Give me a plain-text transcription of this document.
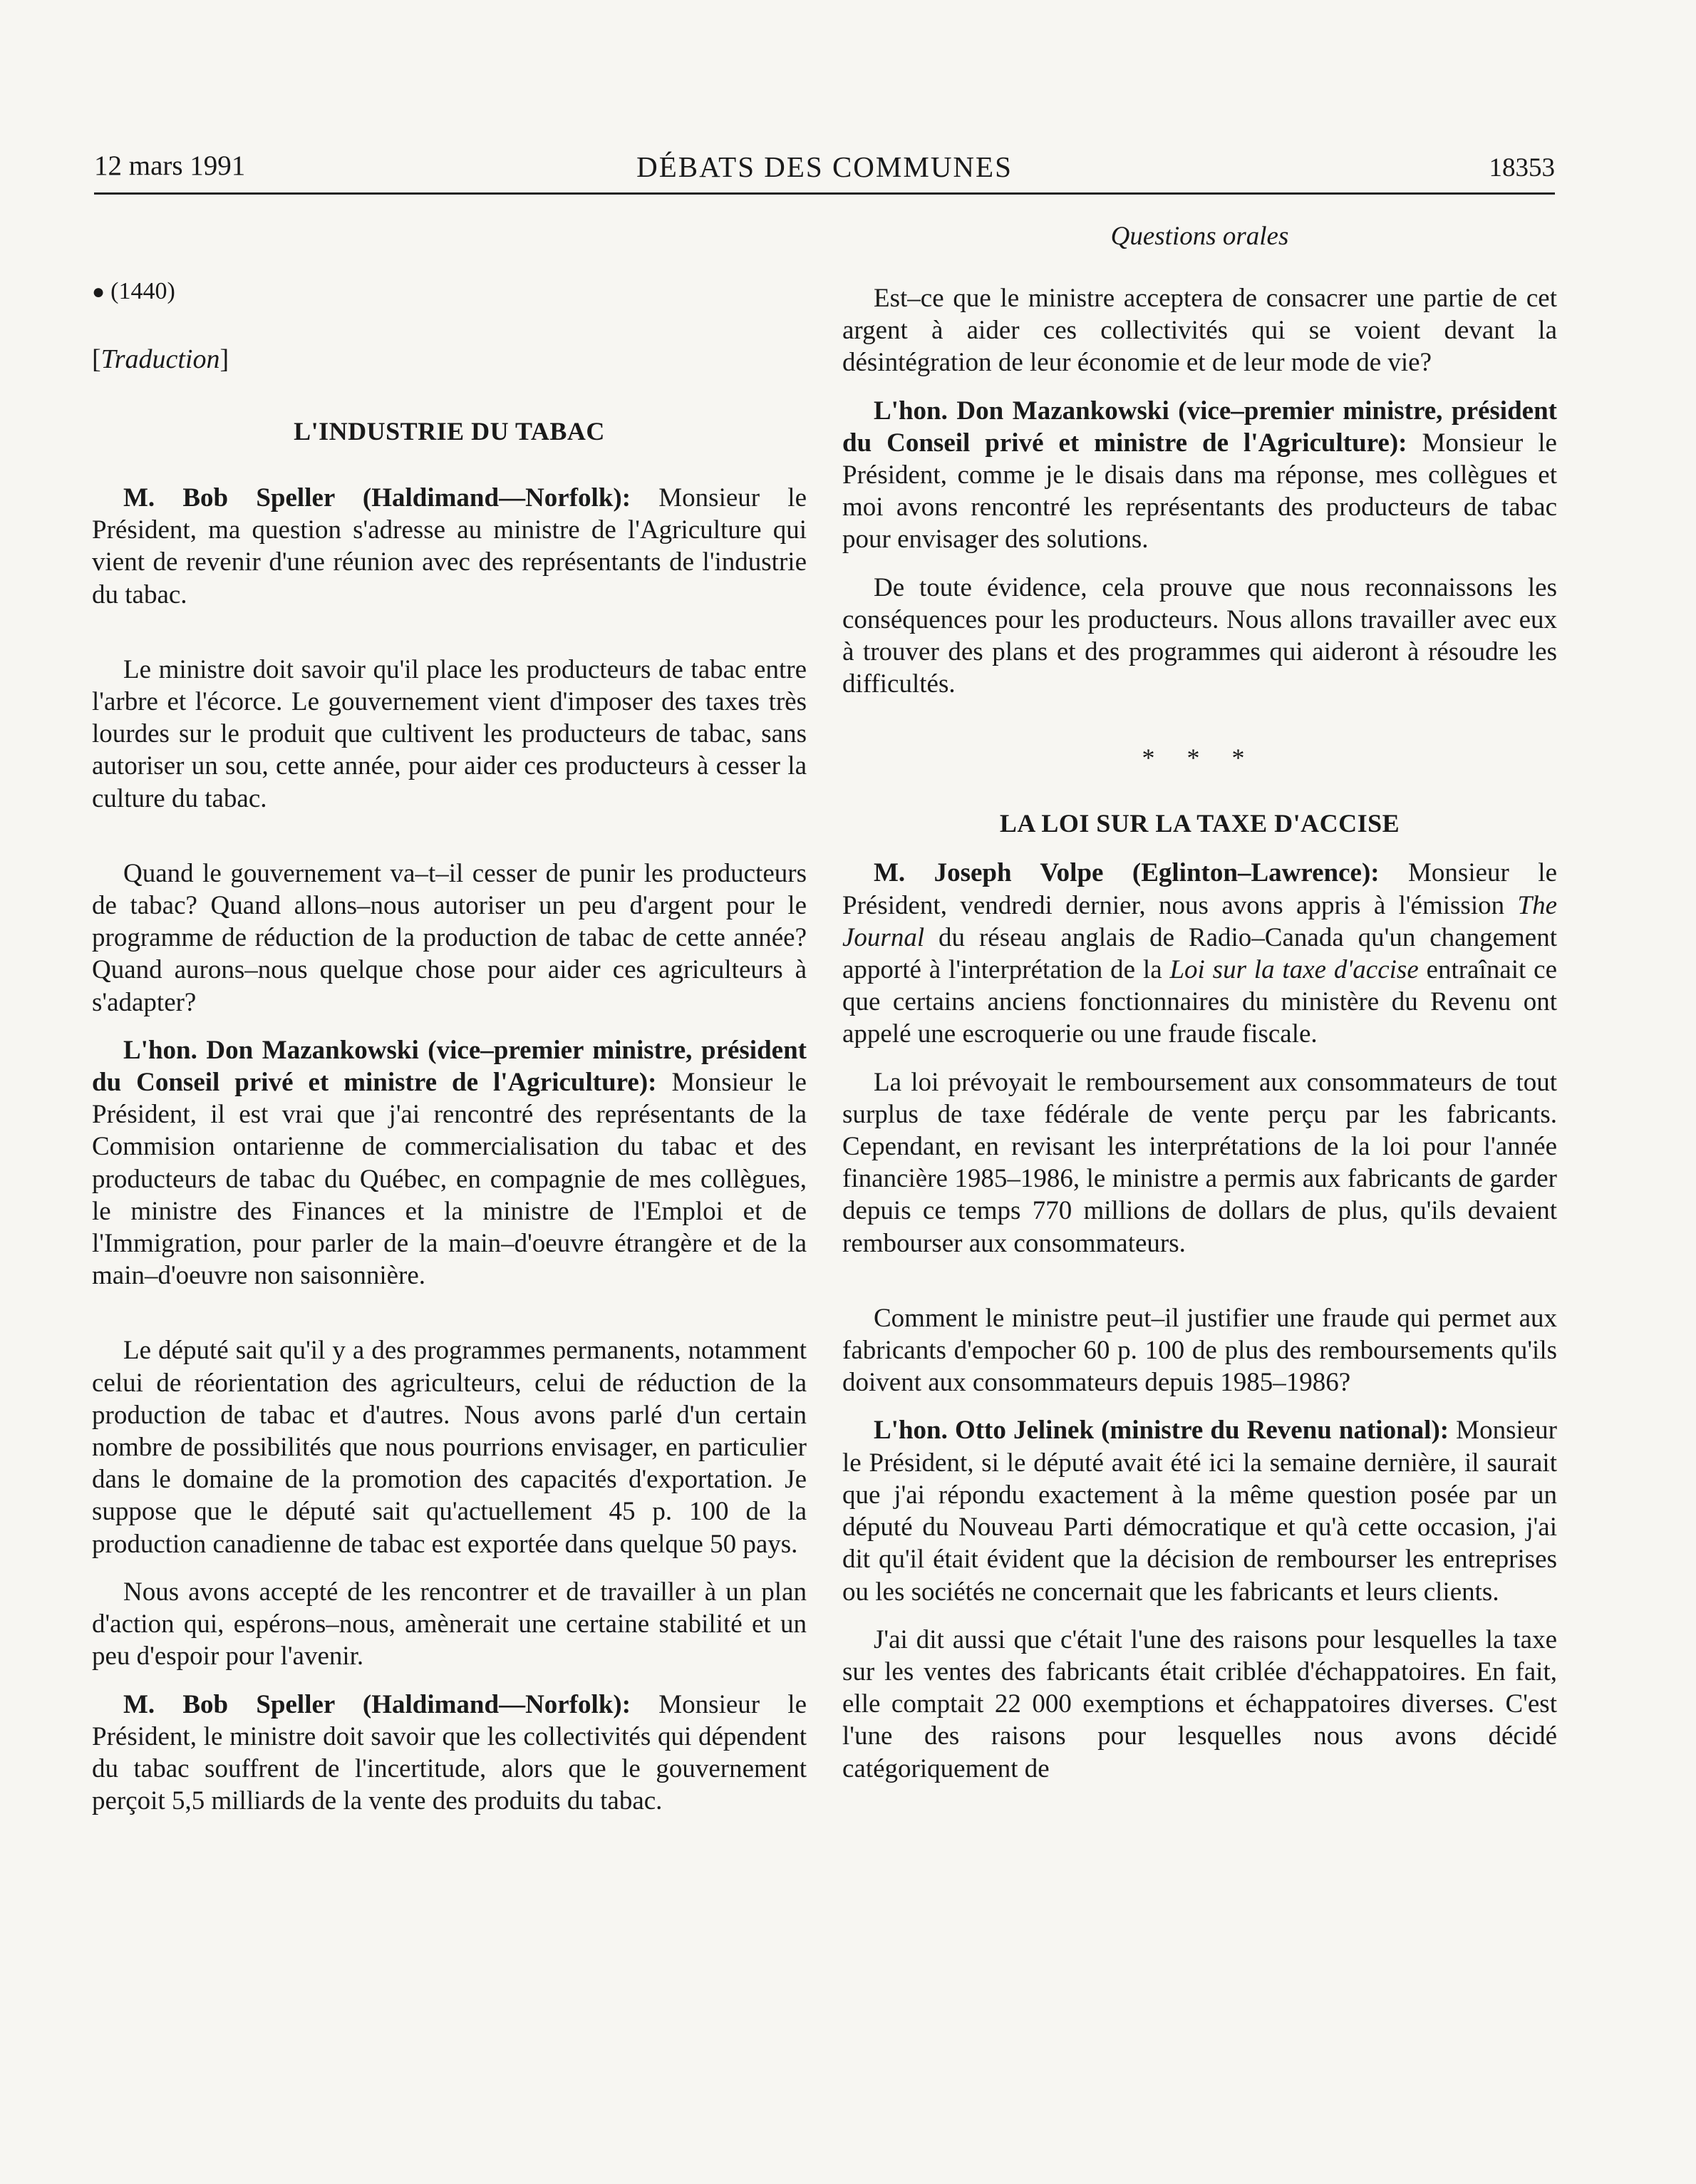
12 mars 1991	DÉBATS DES COMMUNES	18353
● (1440)
[Traduction]
L'INDUSTRIE DU TABAC

M. Bob Speller (Haldimand—Norfolk): Monsieur le Président, ma question s'adresse au ministre de l'Agriculture qui vient de revenir d'une réunion avec des représentants de l'industrie du tabac.

Le ministre doit savoir qu'il place les producteurs de tabac entre l'arbre et l'écorce. Le gouvernement vient d'imposer des taxes très lourdes sur le produit que cultivent les producteurs de tabac, sans autoriser un sou, cette année, pour aider ces producteurs à cesser la culture du tabac.

Quand le gouvernement va–t–il cesser de punir les producteurs de tabac? Quand allons–nous autoriser un peu d'argent pour le programme de réduction de la production de tabac de cette année? Quand aurons–nous quelque chose pour aider ces agriculteurs à s'adapter?

L'hon. Don Mazankowski (vice–premier ministre, président du Conseil privé et ministre de l'Agriculture): Monsieur le Président, il est vrai que j'ai rencontré des représentants de la Commision ontarienne de commercialisation du tabac et des producteurs de tabac du Québec, en compagnie de mes collègues, le ministre des Finances et la ministre de l'Emploi et de l'Immigration, pour parler de la main–d'oeuvre étrangère et de la main–d'oeuvre non saisonnière.

Le député sait qu'il y a des programmes permanents, notamment celui de réorientation des agriculteurs, celui de réduction de la production de tabac et d'autres. Nous avons parlé d'un certain nombre de possibilités que nous pourrions envisager, en particulier dans le domaine de la promotion des capacités d'exportation. Je suppose que le député sait qu'actuellement 45 p. 100 de la production canadienne de tabac est exportée dans quelque 50 pays.

Nous avons accepté de les rencontrer et de travailler à un plan d'action qui, espérons–nous, amènerait une certaine stabilité et un peu d'espoir pour l'avenir.

M. Bob Speller (Haldimand—Norfolk): Monsieur le Président, le ministre doit savoir que les collectivités qui dépendent du tabac souffrent de l'incertitude, alors que le gouvernement perçoit 5,5 milliards de la vente des produits du tabac.

Questions orales

Est–ce que le ministre acceptera de consacrer une partie de cet argent à aider ces collectivités qui se voient devant la désintégration de leur économie et de leur mode de vie?

L'hon. Don Mazankowski (vice–premier ministre, président du Conseil privé et ministre de l'Agriculture): Monsieur le Président, comme je le disais dans ma réponse, mes collègues et moi avons rencontré les représentants des producteurs de tabac pour envisager des solutions.

De toute évidence, cela prouve que nous reconnaissons les conséquences pour les producteurs. Nous allons travailler avec eux à trouver des plans et des programmes qui aideront à résoudre les difficultés.

* * *
LA LOI SUR LA TAXE D'ACCISE

M. Joseph Volpe (Eglinton–Lawrence): Monsieur le Président, vendredi dernier, nous avons appris à l'émission The Journal du réseau anglais de Radio–Canada qu'un changement apporté à l'interprétation de la Loi sur la taxe d'accise entraînait ce que certains anciens fonctionnaires du ministère du Revenu ont appelé une escroquerie ou une fraude fiscale.

La loi prévoyait le remboursement aux consommateurs de tout surplus de taxe fédérale de vente perçu par les fabricants. Cependant, en revisant les interprétations de la loi pour l'année financière 1985–1986, le ministre a permis aux fabricants de garder depuis ce temps 770 millions de dollars de plus, qu'ils devaient rembourser aux consommateurs.

Comment le ministre peut–il justifier une fraude qui permet aux fabricants d'empocher 60 p. 100 de plus des remboursements qu'ils doivent aux consommateurs depuis 1985–1986?

L'hon. Otto Jelinek (ministre du Revenu national): Monsieur le Président, si le député avait été ici la semaine dernière, il saurait que j'ai répondu exactement à la même question posée par un député du Nouveau Parti démocratique et qu'à cette occasion, j'ai dit qu'il était évident que la décision de rembourser les entreprises ou les sociétés ne concernait que les fabricants et leurs clients.

J'ai dit aussi que c'était l'une des raisons pour lesquelles la taxe sur les ventes des fabricants était criblée d'échappatoires. En fait, elle comptait 22 000 exemptions et échappatoires diverses. C'est l'une des raisons pour lesquelles nous avons décidé catégoriquement de
